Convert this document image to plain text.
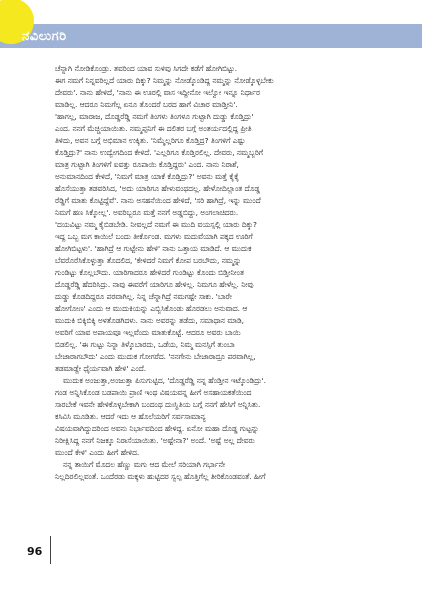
ನವಿಲುಗರಿ
ಚೆನ್ನಾಗಿ ನೋಡಿಕೊಂಡ್ರು. ತವರಿಂದ ಯಾವ ಸುಳಿವು ಸಿಗದೇ ಕಡೆಗೆ ಹೋಗಿಬಿಟ್ಟು.
ಈಗ ನಮಗೆ ನಿನ್ನವರಿಲ್ಲದೆ ಯಾರು ದಿಕ್ಕು? ನಿಮ್ಮನ್ನು ನೋಡ್ಕೊಂಡಿದ್ದ ನಮ್ಮನ್ನು ನೋಡ್ಕೊಳ್ಳಬೇಕು
ದೇವರು'. ನಾನು ಹೇಳಿದೆ, 'ನಾನು ಈ ಊರಲ್ಲಿ ವಾಸ ಇದ್ದೀನೋ ಇಲ್ವೋ ಇನ್ನೂ ನಿರ್ಧಾರ
ಮಾಡಿಲ್ಲ. ಆದರೂ ನಿಮಗೆಲ್ಲ ಏನೂ ತೊಂದರೆ ಬರದ ಹಾಗೆ ವಿಚಾರ ಮಾಡ್ತೀನಿ'.
'ಹಾಗಲ್ಲ, ಮಾರಾಜ, ದೊಡ್ಡರೆಡ್ಡಿ ನಮಗೆ ತಿಂಗಳು ತಿಂಗಳೂ ಗುಟ್ಟಾಗಿ ದುಡ್ಡು ಕೊಡ್ತಿದ್ರು'
ಎಂದ. ನನಗೆ ಮೆಚ್ಚಿಯಾಯಿತು. ನಮ್ಮಪ್ಪನಿಗೆ ಈ ದಲಿತರ ಬಗ್ಗೆ ಅಂತರ್ಯದಲ್ಲಿದ್ದ ಪ್ರೀತಿ
ತಿಳಿದು, ಅವನ ಬಗ್ಗೆ ಅಭಿಮಾನ ಉಕ್ಕಿತು. 'ನಿಮ್ಮೆಲ್ಲರಿಗೂ ಕೊಡ್ತಿದ್ರ? ತಿಂಗಳಿಗೆ ಎಷ್ಟು
ಕೊಡ್ತಿದ್ರು?' ನಾನು ಉದ್ವೇಗದಿಂದ ಕೇಳಿದೆ. 'ಎಲ್ಲರಿಗೂ ಕೊಡ್ತಿರಲಿಲ್ಲ. ದೇವರು, ನಮ್ಮಬ್ಬರಿಗೆ
ಮಾತ್ರ ಗುಟ್ಟಾಗಿ ತಿಂಗಳಿಗೆ ಐವತ್ತು ರೂಪಾಯಿ ಕೊಡ್ತಿದ್ದರು' ಎಂದ. ನಾನು ನಿರಾಶೆ,
ಅನುಮಾನದಿಂದ ಕೇಳಿದೆ, 'ನಿಮಗೆ ಮಾತ್ರ ಯಾಕೆ ಕೊಡ್ತಿದ್ರು?' ಅವನು ಮತ್ತೆ ಕೈಕೈ
ಹೊಸೆಯುತ್ತಾ ತಡವರಿಸಿದ, 'ಅದು ಯಾರಿಗೂ ಹೇಳುವಂಥದಲ್ಲ. ಹೇಳೋದಿಲ್ಲಾಂತ ದೊಡ್ಡ
ರೆಡ್ಡಿಗೆ ಮಾತು ಕೊಟ್ಟಿದ್ದೆವೆ'. ನಾನು ಅಸಹನೆಯಿಂದ ಹೇಳಿದೆ, 'ಸರಿ ಹಾಗಿದ್ರೆ, ಇನ್ನು ಮುಂದೆ
ನಿಮಗೆ ಹಣ ಸಿಕ್ಕೋಲ್ಲ'. ಅವರಿಬ್ಬರೂ ಮತ್ತೆ ನನಗೆ ಅಡ್ಡಬಿದ್ದು, ಅಂಗಲಾಚಿದರು.
'ದಯವಿಟ್ಟು ನಮ್ಮ ಕೈಬಿಡಬೇಡಿ. ನೀವಲ್ಲದೆ ನಮಗೆ ಈ ಮುದಿ ವಯಸ್ಸಲ್ಲಿ ಯಾರು ದಿಕ್ಕು?
ಇದ್ದ ಒಬ್ಬ ಮಗ ಕಾಯಿಲೆ ಬಂದು ತೀರ್ಕೊಂಡ. ಮಗಳು ಮದುವೆಯಾಗಿ ಪಕ್ಕದ ಊರಿಗೆ
ಹೋಗಿಬಿಟ್ಟಳು'. 'ಹಾಗಿದ್ರೆ ಆ ಗುಟ್ಟೇನು ಹೇಳಿ' ನಾನು ಒತ್ತಾಯ ಮಾಡಿದೆ. ಆ ಮುದುಕ
ಬೆವರೊರೆಸಿಕೊಳ್ಳುತ್ತಾ ತೊದಲಿದ, 'ಕೇಳಿದರೆ ನಿಮಗೆ ಕೋಪ ಬರಬೌದು, ನಮ್ಮನ್ನು
ಗುಂಡಿಟ್ಟು ಕೊಲ್ಲಬೌದು. ಯಾರಿಗಾದರೂ ಹೇಳಿದರೆ ಗುಂಡಿಟ್ಟು ಕೊಂದು ಬಿಡ್ತೀನೀಂತ
ದೊಡ್ಡರೆಡ್ಡಿ ಹೆದರಿಸಿದ್ರು. ನಾವು ಈವರೆಗೆ ಯಾರಿಗೂ ಹೇಳಿಲ್ಲ. ನಿಮಗೂ ಹೇಳೆಲ್ಲ. ನೀವು
ದುಡ್ಡು ಕೊಡದಿದ್ದರೂ ಪರವಾಗಿಲ್ಲ. ನಿನ್ನ ಚೆನ್ನಾಗಿದ್ರೆ ನಮಗಷ್ಟೇ ಸಾಕು. 'ಬಾರೇ
ಹೋಗೋಣ' ಎಂದು ಆ ಮುದುಕಿಯನ್ನು ಎಬ್ಬಿಸಿಕೊಂಡು ಹೊರಡಲು ಅನುವಾದ. ಆ
ಮುದುಕಿ ಬಿಕ್ಕಿಬಿಕ್ಕಿ ಅಳತೊಡಗಿದಳು. ನಾನು ಅವರನ್ನು ತಡೆದು, ಸಮಾಧಾನ ಮಾಡಿ,
ಅವರಿಗೆ ಯಾವ ಅಪಾಯವೂ ಇಲ್ಲವೆಂದು ಮಾತುಕೊಟ್ಟೆ. ಆದರೂ ಅವರು ಬಾಯಿ
ಬಿಡಲಿಲ್ಲ. 'ಈ ಗುಟ್ಟು ನಿನ್ನಾ ತಿಳ್ಕೊಬಾರದು, ಒಡೆಯ, ನಿಮ್ಮ ಮನಸ್ಸಿಗೆ ತುಂಬಾ
ಬೇಜಾರಾಗಬೌದು' ಎಂದು ಮುದುಕ ಗೋಗರೆದ. 'ನನಗೇನು ಬೇಜಾರಾದ್ರೂ ಪರವಾಗಿಲ್ಲ,
ತಡಮಾಡ್ದೇ ಧೈರ್ಯವಾಗಿ ಹೇಳಿ' ಎಂದೆ.
ಮುದುಕ ಅಂಜುತ್ತಾ,ಅಂಜುತ್ತಾ ಪಿಸುಗುಟ್ಟಿದ, 'ದೊಡ್ಡರೆಡ್ಡಿ ನನ್ನ ಹೆಂಡ್ತೀನ ಇಟ್ಕೊಂಡಿದ್ರು'.
ಗಂಡ ಅನ್ನಿಸಿಕೊಂಡ ಬಡಪಾಯಿ ಪ್ರಾಣಿ ಇಂಥ ವಿಷಯವನ್ನ ಹೀಗೆ ಅಸಹಾಯಕತೆಯಿಂದ
ಸಾರಬೇಕೆ ಇವನೇ ಹೇಳಿಕೊಳ್ಳಬೇಕಾಗಿ ಬಂದಂಥ ದುಃಸ್ಥಿತಿಯ ಬಗ್ಗೆ ನನಗೆ ಹೇಸಿಗೆ ಅನ್ನಿಸಿತು.
ಕಸಿವಿಸಿ ಮೂಡಿತು. ಆದರೆ ಇದು ಆ ಹೊಲೆಯರಿಗೆ ಸರ್ವಸಾಮಾನ್ಯ
ವಿಷಯವಾಗಿದ್ದುದರಿಂದ ಅವನು ನಿರ್ಭಾವದಿಂದ ಹೇಳಿದ್ದ. ಏನೋ ಮಹಾ ದೊಡ್ಡ ಗುಟ್ಟನ್ನು
ನಿರೀಕ್ಷಿಸಿದ್ದ ನನಗೆ ನಿಜಕ್ಕೂ ನಿರಾಸೆಯಾಯಿತು. 'ಅಷ್ಟೇನಾ?' ಅಂದೆ. 'ಅಷ್ಟೆ ಅಲ್ಲ ದೇವರು
ಮುಂದೆ ಕೇಳಿ' ಎಂದು ಹೀಗೆ ಹೇಳಿದ.
ನನ್ನ ತಾಯಿಗೆ ಮೊದಲ ಹೆಣ್ಣು ಮಗು ಆದ ಮೇಲೆ ಸರಿಯಾಗಿ ಗರ್ಭಾನೇ
ನಿಲ್ಲದಿರಲಿಲ್ಲವಂತೆ. ಒಂದೆರಡು ಮಕ್ಕಳು ಹುಟ್ಟಿದರ ಸ್ವಲ್ಪ ಹೊತ್ತಿಗೆಲ್ಲ ತೀರಿಕೊಂಡವಂತೆ. ಹೀಗೆ
96
